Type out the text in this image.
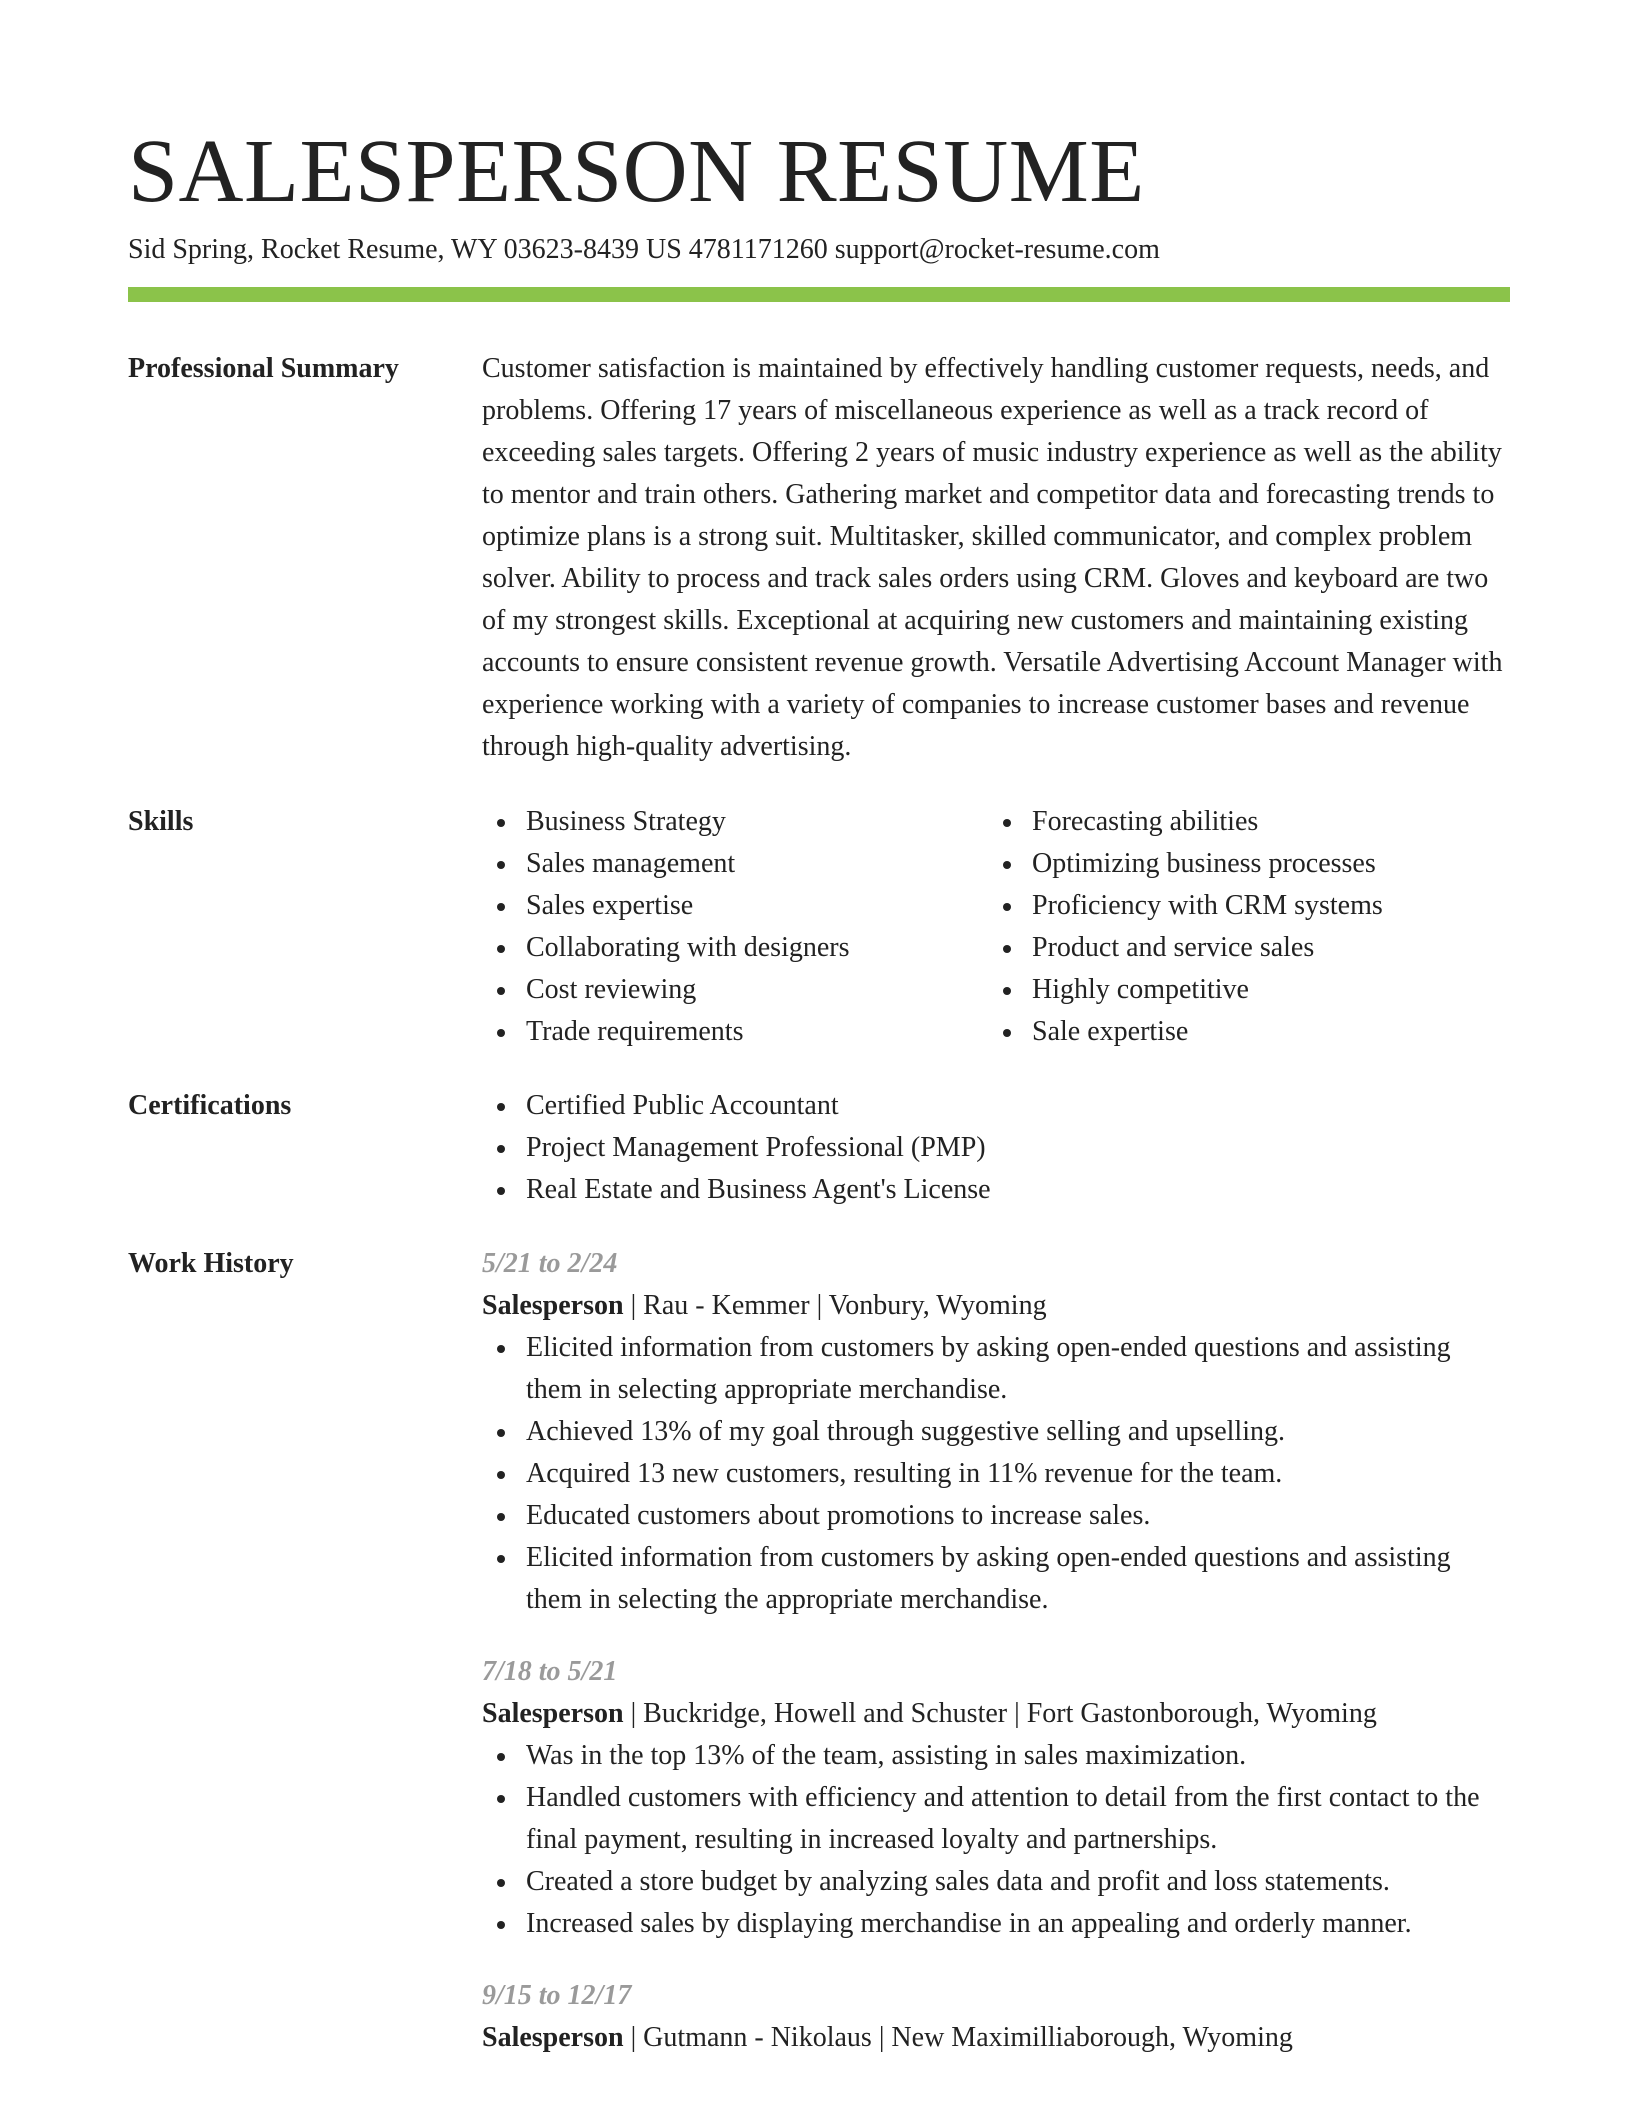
SALESPERSON RESUME
Sid Spring, Rocket Resume, WY 03623-8439 US 4781171260 support@rocket-resume.com
Professional Summary	Customer satisfaction is maintained by effectively handling customer requests, needs, and problems. Offering 17 years of miscellaneous experience as well as a track record of exceeding sales targets. Offering 2 years of music industry experience as well as the ability to mentor and train others. Gathering market and competitor data and forecasting trends to optimize plans is a strong suit. Multitasker, skilled communicator, and complex problem solver. Ability to process and track sales orders using CRM. Gloves and keyboard are two of my strongest skills. Exceptional at acquiring new customers and maintaining existing accounts to ensure consistent revenue growth. Versatile Advertising Account Manager with experience working with a variety of companies to increase customer bases and revenue through high-quality advertising.

Skills	Business Strategy
Sales management
Sales expertise
Collaborating with designers
Cost reviewing
Trade requirements
Forecasting abilities
Optimizing business processes
Proficiency with CRM systems
Product and service sales
Highly competitive
Sale expertise
Certifications	Certified Public Accountant
Project Management Professional (PMP)
Real Estate and Business Agent's License
Work History	5/21 to 2/24
Salesperson | Rau - Kemmer | Vonbury, Wyoming
Elicited information from customers by asking open-ended questions and assisting them in selecting appropriate merchandise.
Achieved 13% of my goal through suggestive selling and upselling.
Acquired 13 new customers, resulting in 11% revenue for the team.
Educated customers about promotions to increase sales.
Elicited information from customers by asking open-ended questions and assisting them in selecting the appropriate merchandise.
7/18 to 5/21
Salesperson | Buckridge, Howell and Schuster | Fort Gastonborough, Wyoming
Was in the top 13% of the team, assisting in sales maximization.
Handled customers with efficiency and attention to detail from the first contact to the final payment, resulting in increased loyalty and partnerships.
Created a store budget by analyzing sales data and profit and loss statements.
Increased sales by displaying merchandise in an appealing and orderly manner.
9/15 to 12/17
Salesperson | Gutmann - Nikolaus | New Maximilliaborough, Wyoming
